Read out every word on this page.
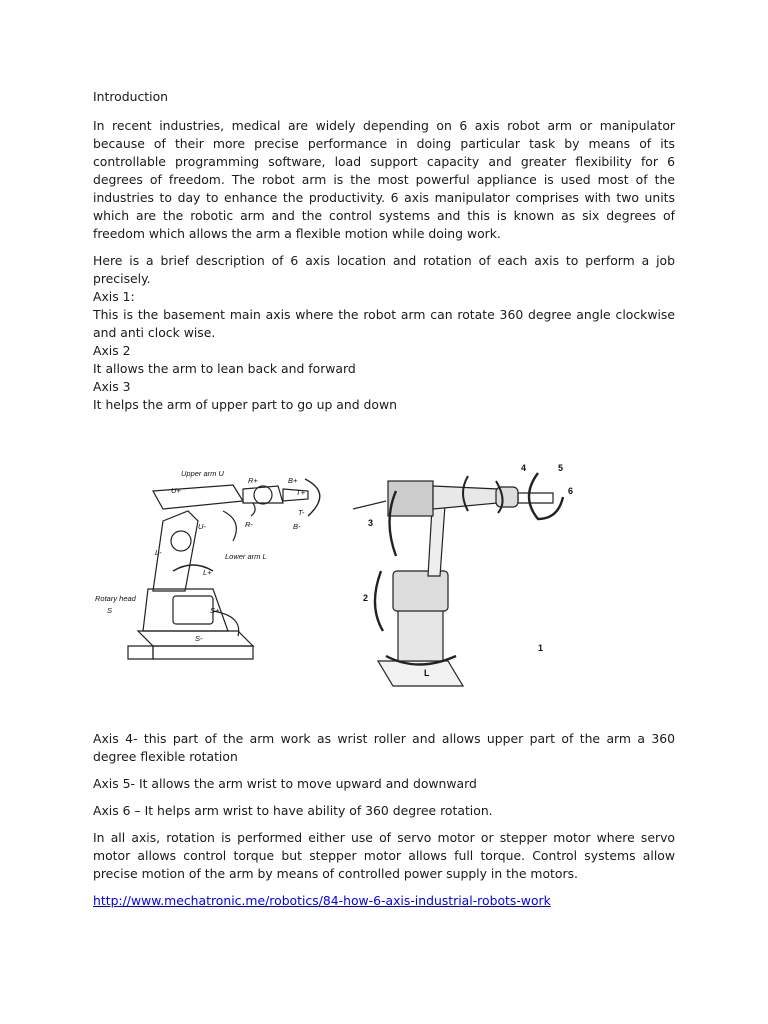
Introduction

In recent industries, medical are widely depending on 6 axis robot arm or manipulator because of their more precise performance in doing particular task by means of its controllable programming software, load support capacity and greater flexibility for 6 degrees of freedom. The robot arm is the most powerful appliance is used most of the industries to day to enhance the productivity. 6 axis manipulator comprises with two units which are the robotic arm and the control systems and this is known as six degrees of freedom which allows the arm a flexible motion while doing work.

Here is a brief description of 6 axis location and rotation of each axis to perform a job precisely.

Axis 1:

This is the basement main axis where the robot arm can rotate 360 degree angle clockwise and anti clock wise.

Axis 2

It allows the arm to lean back and forward

Axis 3

It helps the arm of upper part to go up and down

Upper arm U
U+
U-
R+
R-
B+
T+
T-
B-
L-
L+
Lower arm L
Rotary head
S	S+
S-
1
2
3
4	5
6
L

Axis 4- this part of the arm work as wrist roller and allows upper part of the arm a 360 degree flexible rotation

Axis 5- It allows the arm wrist to move upward and downward

Axis 6 – It helps arm wrist to have ability of 360 degree rotation.

In all axis, rotation is performed either use of servo motor or stepper motor where servo motor allows control torque but stepper motor allows full torque. Control systems allow precise motion of the arm by means of controlled power supply in the motors.

http://www.mechatronic.me/robotics/84-how-6-axis-industrial-robots-work
